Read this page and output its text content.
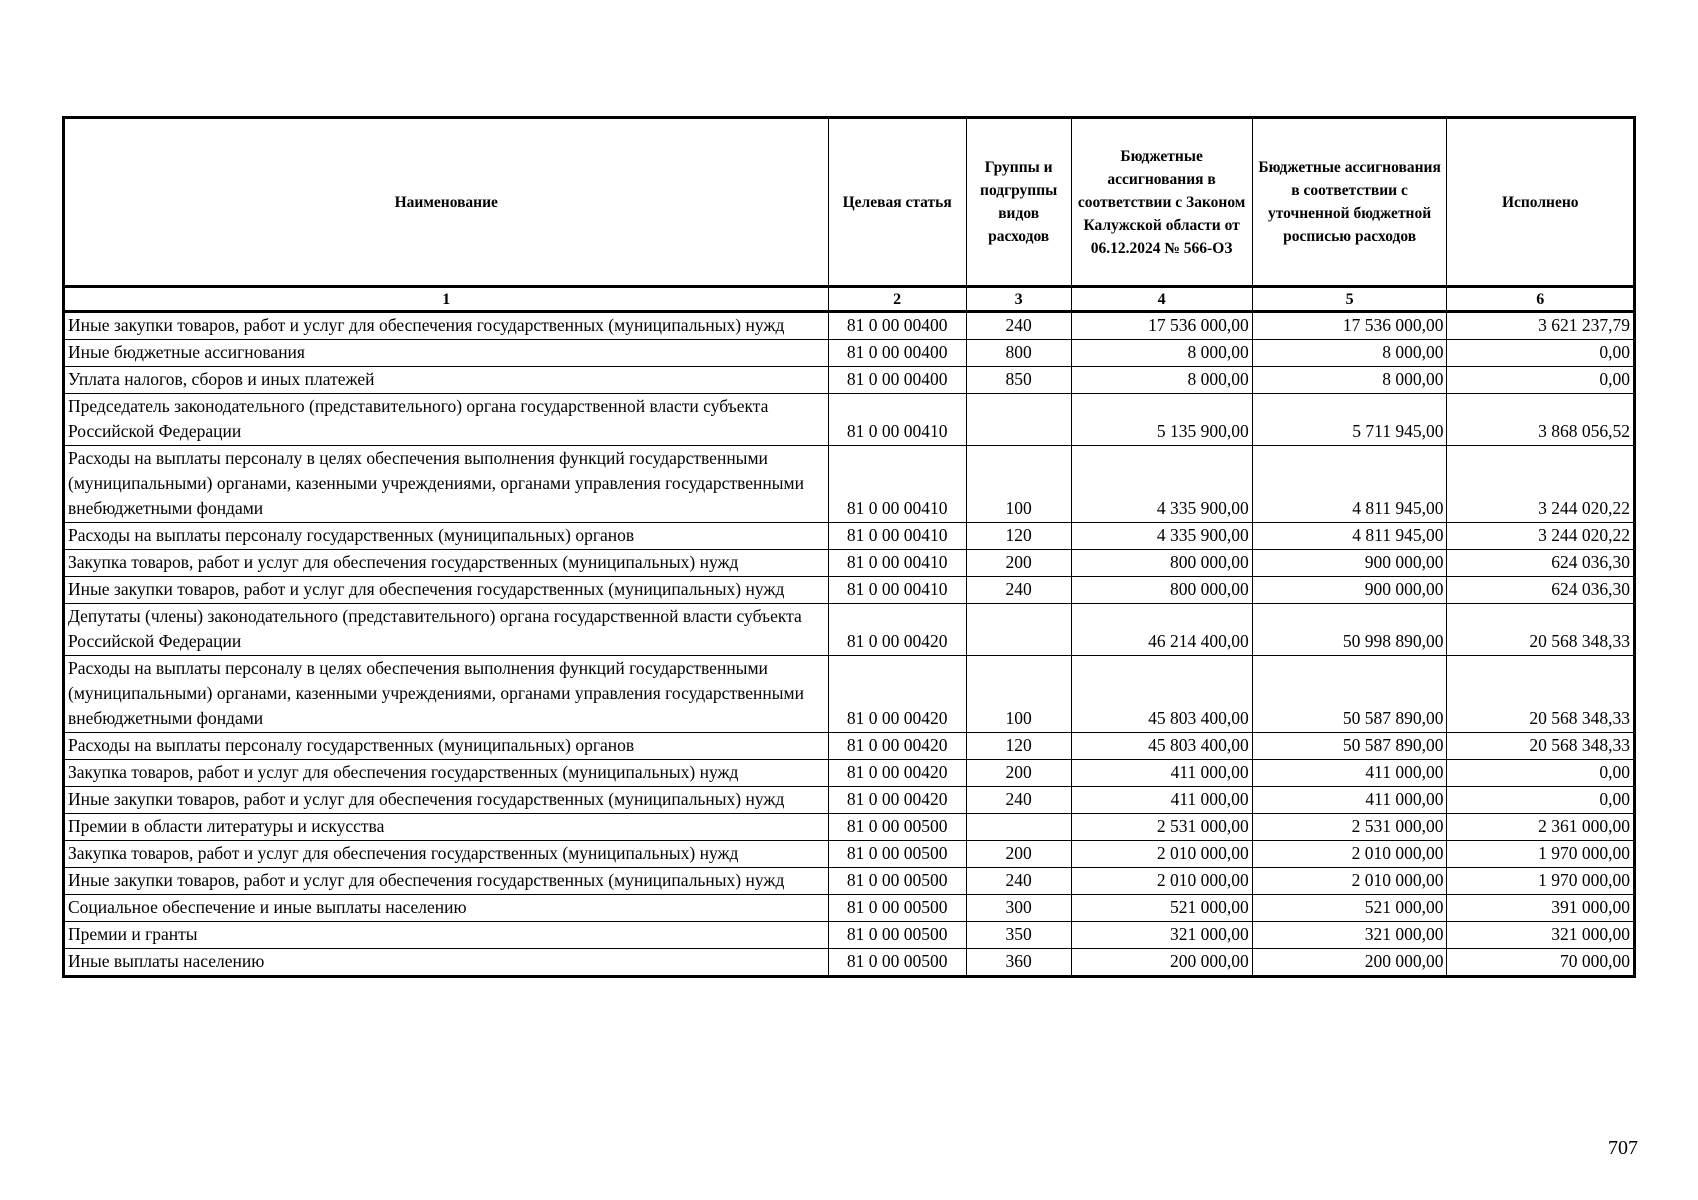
Наименование	Целевая статья	Группы и подгруппы видов расходов	Бюджетные ассигнования в соответствии с Законом Калужской области от 06.12.2024 № 566-ОЗ	Бюджетные ассигнования в соответствии с уточненной бюджетной росписью расходов	Исполнено
1	2	3	4	5	6
Иные закупки товаров, работ и услуг для обеспечения государственных (муниципальных) нужд	81 0 00 00400	240	17 536 000,00	17 536 000,00	3 621 237,79
Иные бюджетные ассигнования	81 0 00 00400	800	8 000,00	8 000,00	0,00
Уплата налогов, сборов и иных платежей	81 0 00 00400	850	8 000,00	8 000,00	0,00
Председатель законодательного (представительного) органа государственной власти субъекта Российской Федерации	81 0 00 00410		5 135 900,00	5 711 945,00	3 868 056,52
Расходы на выплаты персоналу в целях обеспечения выполнения функций государственными (муниципальными) органами, казенными учреждениями, органами управления государственными внебюджетными фондами	81 0 00 00410	100	4 335 900,00	4 811 945,00	3 244 020,22
Расходы на выплаты персоналу государственных (муниципальных) органов	81 0 00 00410	120	4 335 900,00	4 811 945,00	3 244 020,22
Закупка товаров, работ и услуг для обеспечения государственных (муниципальных) нужд	81 0 00 00410	200	800 000,00	900 000,00	624 036,30
Иные закупки товаров, работ и услуг для обеспечения государственных (муниципальных) нужд	81 0 00 00410	240	800 000,00	900 000,00	624 036,30
Депутаты (члены) законодательного (представительного) органа государственной власти субъекта Российской Федерации	81 0 00 00420		46 214 400,00	50 998 890,00	20 568 348,33
Расходы на выплаты персоналу в целях обеспечения выполнения функций государственными (муниципальными) органами, казенными учреждениями, органами управления государственными внебюджетными фондами	81 0 00 00420	100	45 803 400,00	50 587 890,00	20 568 348,33
Расходы на выплаты персоналу государственных (муниципальных) органов	81 0 00 00420	120	45 803 400,00	50 587 890,00	20 568 348,33
Закупка товаров, работ и услуг для обеспечения государственных (муниципальных) нужд	81 0 00 00420	200	411 000,00	411 000,00	0,00
Иные закупки товаров, работ и услуг для обеспечения государственных (муниципальных) нужд	81 0 00 00420	240	411 000,00	411 000,00	0,00
Премии в области литературы и искусства	81 0 00 00500		2 531 000,00	2 531 000,00	2 361 000,00
Закупка товаров, работ и услуг для обеспечения государственных (муниципальных) нужд	81 0 00 00500	200	2 010 000,00	2 010 000,00	1 970 000,00
Иные закупки товаров, работ и услуг для обеспечения государственных (муниципальных) нужд	81 0 00 00500	240	2 010 000,00	2 010 000,00	1 970 000,00
Социальное обеспечение и иные выплаты населению	81 0 00 00500	300	521 000,00	521 000,00	391 000,00
Премии и гранты	81 0 00 00500	350	321 000,00	321 000,00	321 000,00
Иные выплаты населению	81 0 00 00500	360	200 000,00	200 000,00	70 000,00
707
